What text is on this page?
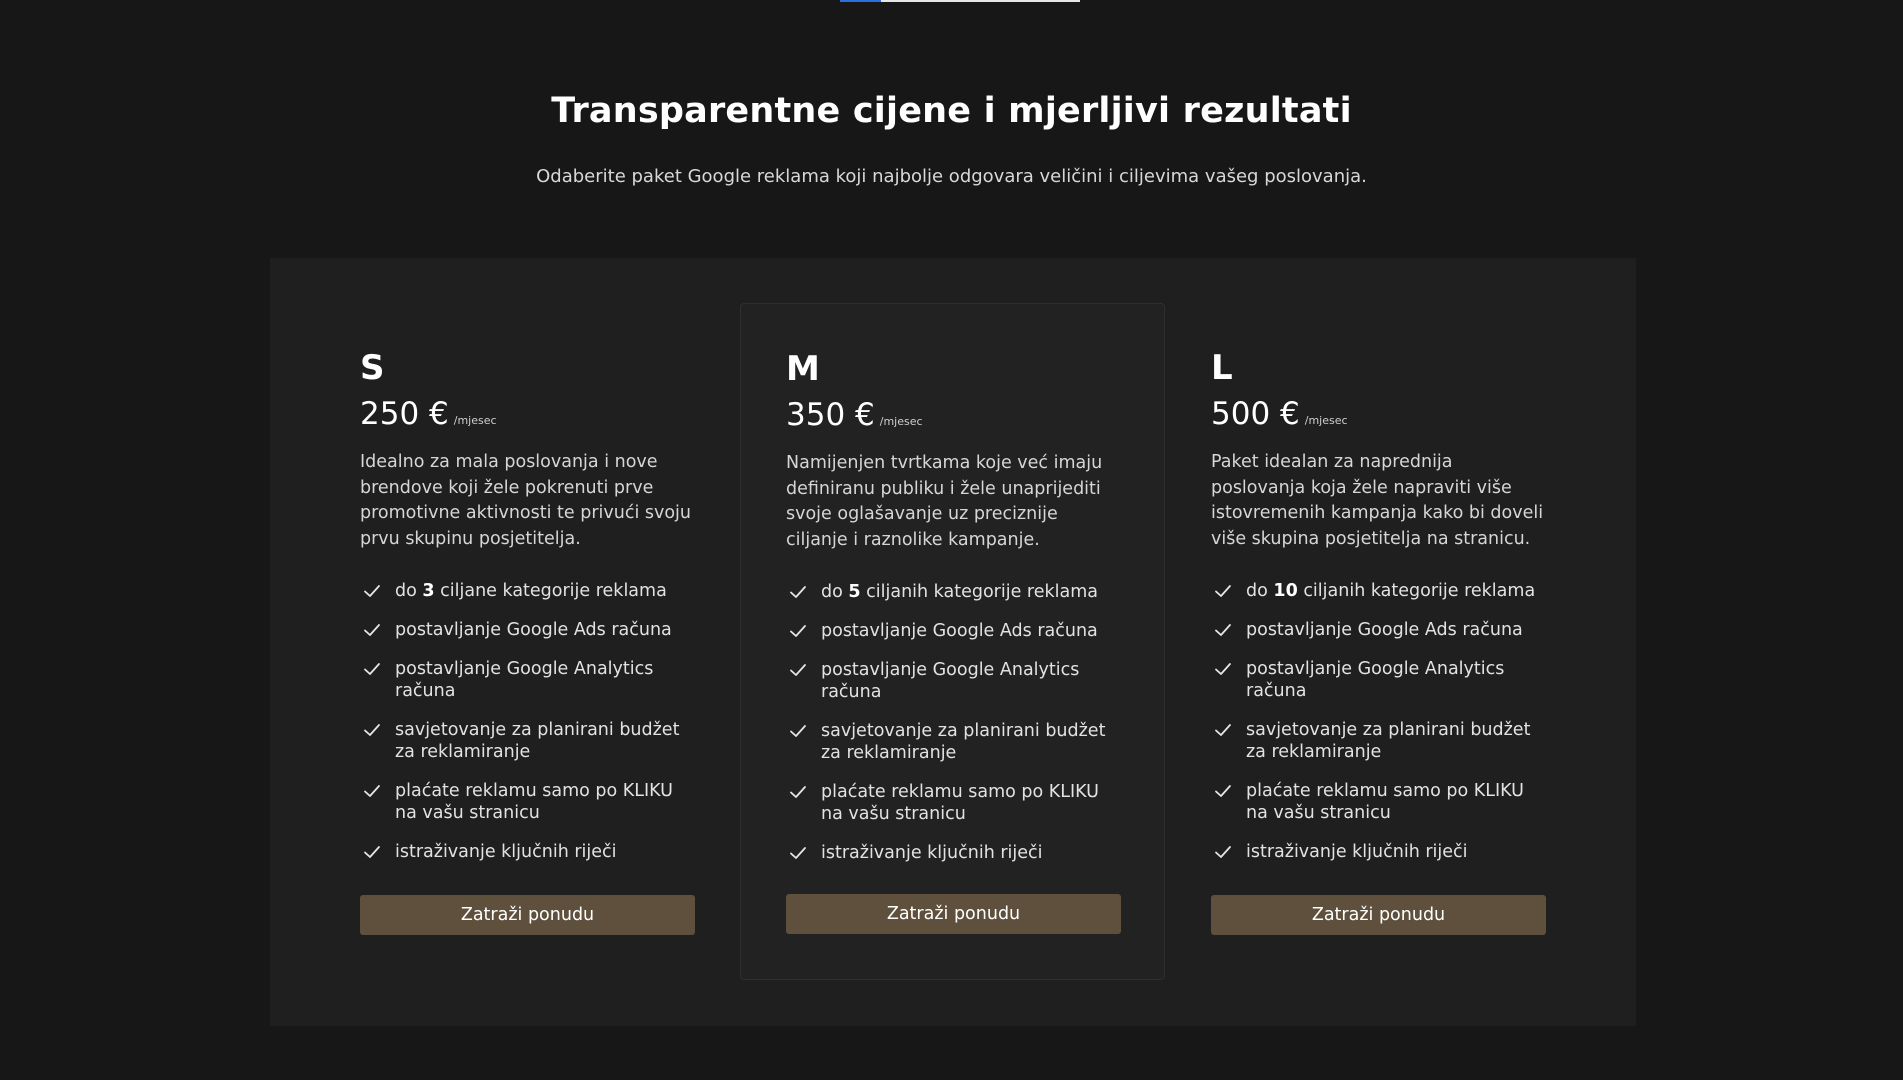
Transparentne cijene i mjerljivi rezultati

Odaberite paket Google reklama koji najbolje odgovara veličini i ciljevima vašeg poslovanja.

S
250 € /mjesec
Idealno za mala poslovanja i nove brendove koji žele pokrenuti prve promotivne aktivnosti te privući svoju prvu skupinu posjetitelja.
do 3 ciljane kategorije reklama
postavljanje Google Ads računa
postavljanje Google Analytics računa
savjetovanje za planirani budžet za reklamiranje
plaćate reklamu samo po KLIKU na vašu stranicu
istraživanje ključnih riječi
Zatraži ponudu
M
350 € /mjesec
Namijenjen tvrtkama koje već imaju definiranu publiku i žele unaprijediti svoje oglašavanje uz preciznije ciljanje i raznolike kampanje.
do 5 ciljanih kategorije reklama
postavljanje Google Ads računa
postavljanje Google Analytics računa
savjetovanje za planirani budžet za reklamiranje
plaćate reklamu samo po KLIKU na vašu stranicu
istraživanje ključnih riječi
Zatraži ponudu
L
500 € /mjesec
Paket idealan za naprednija poslovanja koja žele napraviti više istovremenih kampanja kako bi doveli više skupina posjetitelja na stranicu.
do 10 ciljanih kategorije reklama
postavljanje Google Ads računa
postavljanje Google Analytics računa
savjetovanje za planirani budžet za reklamiranje
plaćate reklamu samo po KLIKU na vašu stranicu
istraživanje ključnih riječi
Zatraži ponudu
